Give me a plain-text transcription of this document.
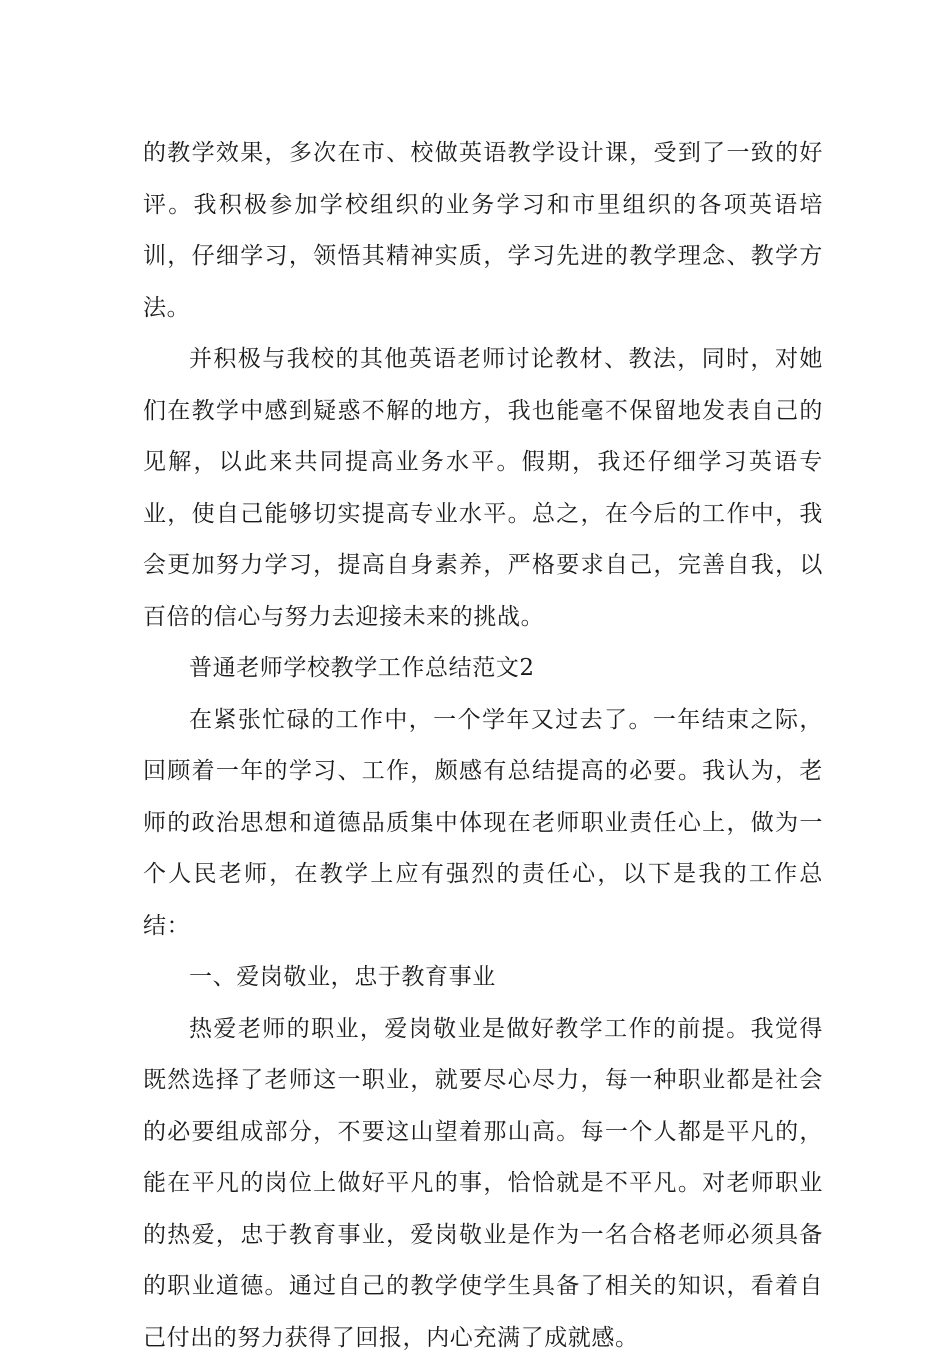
的教学效果，多次在市、校做英语教学设计课，受到了一致的好评。我积极参加学校组织的业务学习和市里组织的各项英语培训，仔细学习，领悟其精神实质，学习先进的教学理念、教学方法。

并积极与我校的其他英语老师讨论教材、教法，同时，对她们在教学中感到疑惑不解的地方，我也能毫不保留地发表自己的见解，以此来共同提高业务水平。假期，我还仔细学习英语专业，使自己能够切实提高专业水平。总之，在今后的工作中，我会更加努力学习，提高自身素养，严格要求自己，完善自我，以百倍的信心与努力去迎接未来的挑战。

普通老师学校教学工作总结范文2

在紧张忙碌的工作中，一个学年又过去了。一年结束之际，回顾着一年的学习、工作，颇感有总结提高的必要。我认为，老师的政治思想和道德品质集中体现在老师职业责任心上，做为一个人民老师，在教学上应有强烈的责任心，以下是我的工作总结：

一、爱岗敬业，忠于教育事业

热爱老师的职业，爱岗敬业是做好教学工作的前提。我觉得既然选择了老师这一职业，就要尽心尽力，每一种职业都是社会的必要组成部分，不要这山望着那山高。每一个人都是平凡的，能在平凡的岗位上做好平凡的事，恰恰就是不平凡。对老师职业的热爱，忠于教育事业，爱岗敬业是作为一名合格老师必须具备的职业道德。通过自己的教学使学生具备了相关的知识，看着自己付出的努力获得了回报，内心充满了成就感。
